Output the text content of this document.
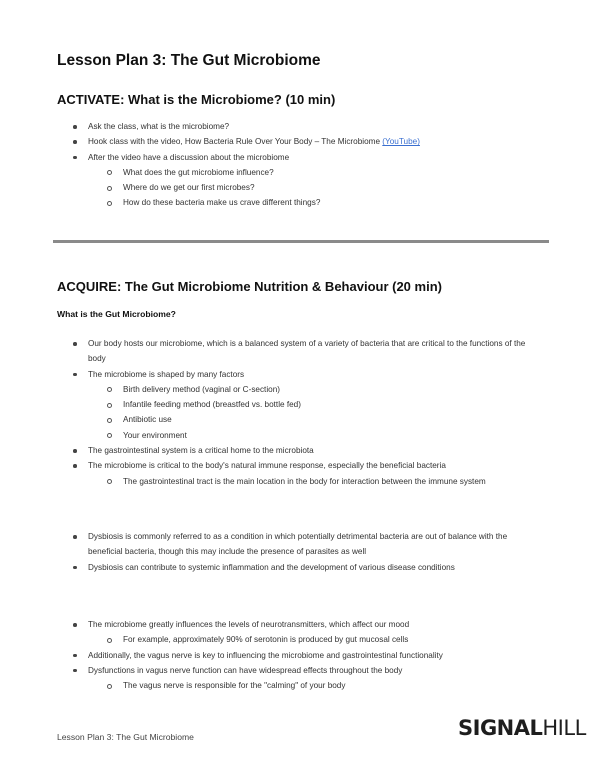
Lesson Plan 3: The Gut Microbiome
ACTIVATE: What is the Microbiome? (10 min)
Ask the class, what is the microbiome?
Hook class with the video, How Bacteria Rule Over Your Body – The Microbiome (YouTube)
After the video have a discussion about the microbiome
What does the gut microbiome influence?
Where do we get our first microbes?
How do these bacteria make us crave different things?
ACQUIRE: The Gut Microbiome Nutrition & Behaviour (20 min)
What is the Gut Microbiome?
Our body hosts our microbiome, which is a balanced system of a variety of bacteria that are critical to the functions of the body
The microbiome is shaped by many factors
Birth delivery method (vaginal or C-section)
Infantile feeding method (breastfed vs. bottle fed)
Antibiotic use
Your environment
The gastrointestinal system is a critical home to the microbiota
The microbiome is critical to the body's natural immune response, especially the beneficial bacteria
The gastrointestinal tract is the main location in the body for interaction between the immune system
Dysbiosis is commonly referred to as a condition in which potentially detrimental bacteria are out of balance with the beneficial bacteria, though this may include the presence of parasites as well
Dysbiosis can contribute to systemic inflammation and the development of various disease conditions
The microbiome greatly influences the levels of neurotransmitters, which affect our mood
For example, approximately 90% of serotonin is produced by gut mucosal cells
Additionally, the vagus nerve is key to influencing the microbiome and gastrointestinal functionality
Dysfunctions in vagus nerve function can have widespread effects throughout the body
The vagus nerve is responsible for the "calming" of your body
Lesson Plan 3: The Gut Microbiome	SIGNALHILL
